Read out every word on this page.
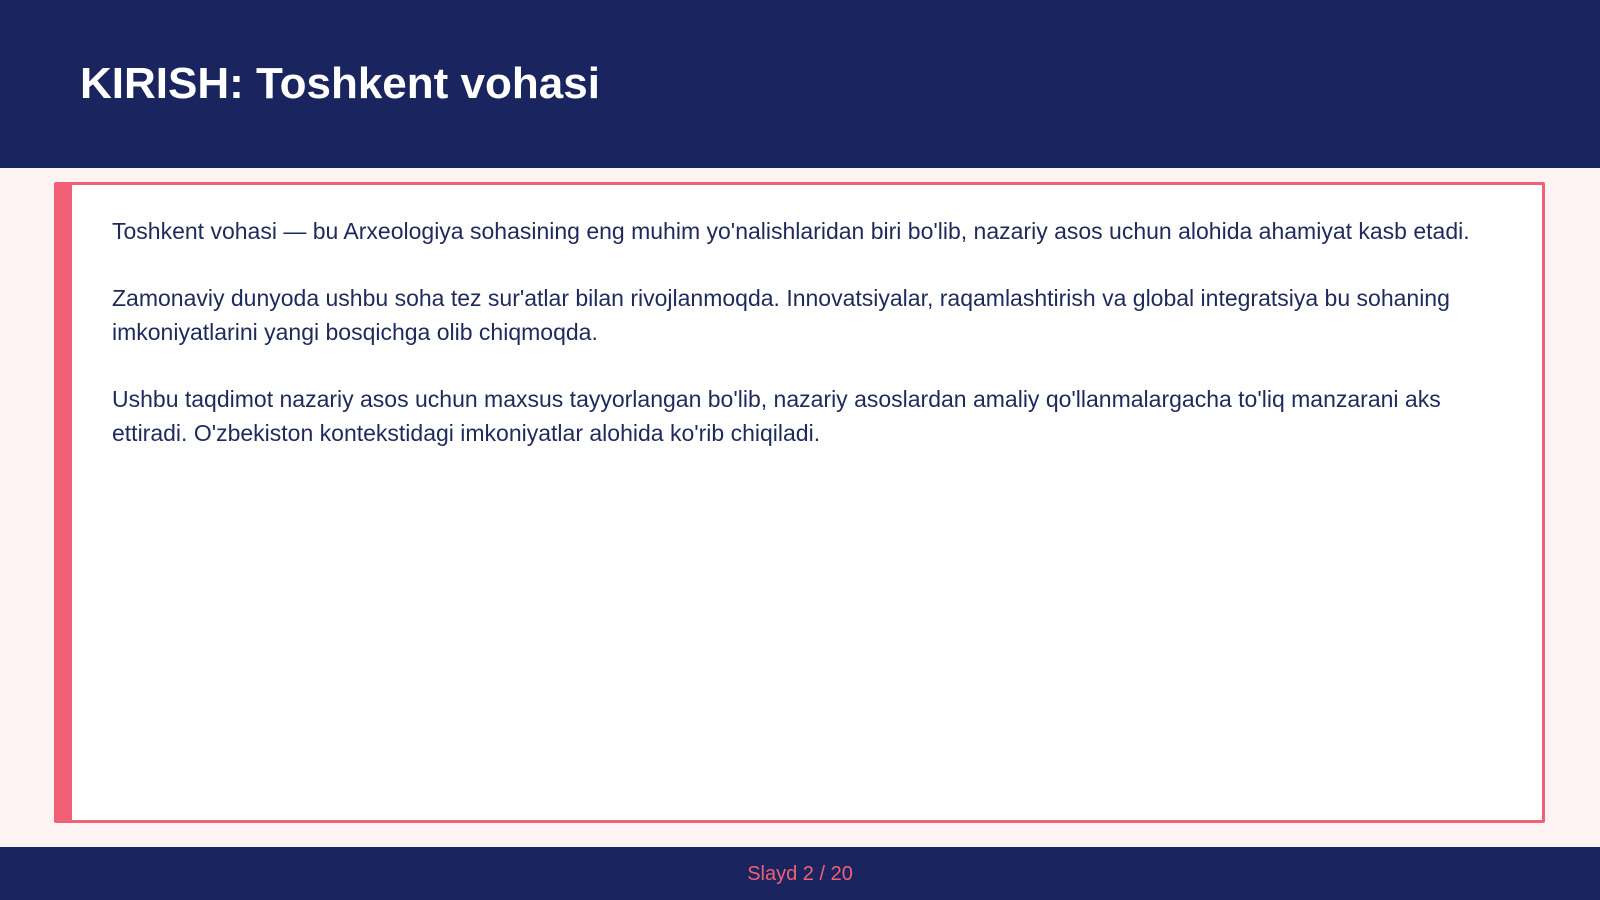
KIRISH: Toshkent vohasi

Toshkent vohasi — bu Arxeologiya sohasining eng muhim yo'nalishlaridan biri bo'lib, nazariy asos uchun alohida ahamiyat kasb etadi.

Zamonaviy dunyoda ushbu soha tez sur'atlar bilan rivojlanmoqda. Innovatsiyalar, raqamlashtirish va global integratsiya bu sohaning imkoniyatlarini yangi bosqichga olib chiqmoqda.

Ushbu taqdimot nazariy asos uchun maxsus tayyorlangan bo'lib, nazariy asoslardan amaliy qo'llanmalargacha to'liq manzarani aks ettiradi. O'zbekiston kontekstidagi imkoniyatlar alohida ko'rib chiqiladi.

Slayd 2 / 20
